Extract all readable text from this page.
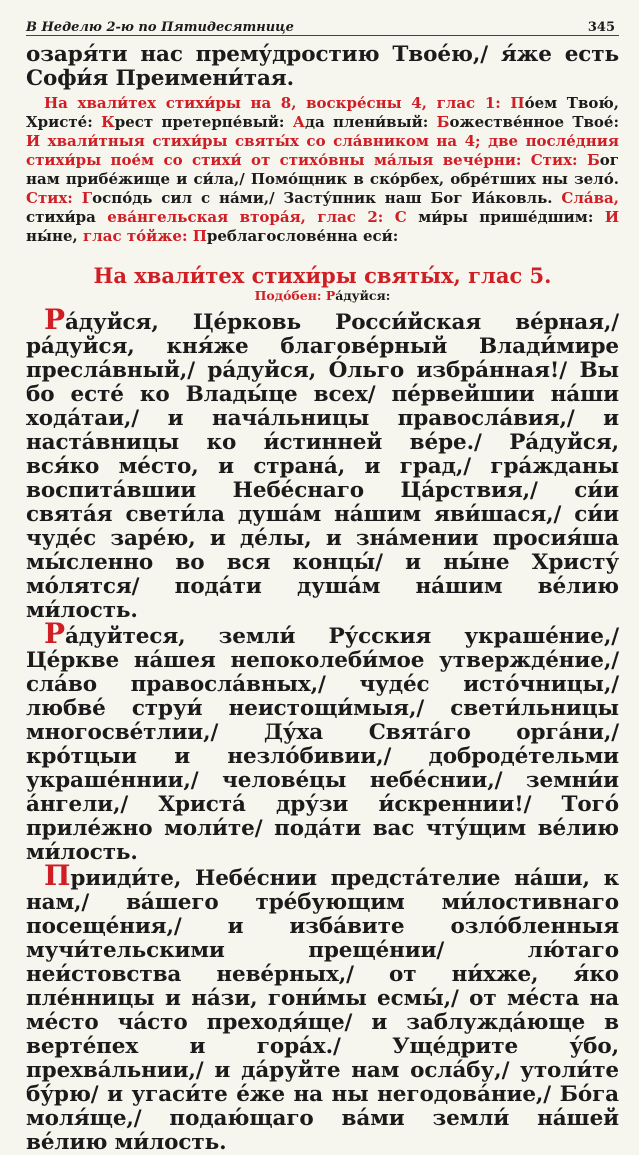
В Неделю 2-ю по Пятидесятнице	345

озаря́ти нас прему́дростию Твое́ю,/ я́же есть Софи́я Преимени́тая.

На хвали́тех стихи́ры на 8, воскре́сны 4, глас 1: По́ем Твою́, Христе́: Крест претерпе́вый: Ада плени́вый: Божестве́нное Твое́: И хвали́тныя стихи́ры святы́х со сла́вником на 4; две после́дния стихи́ры пое́м со стихи́ от стихо́вны ма́лыя вече́рни: Стих: Бог нам прибе́жище и си́ла,/ Помо́щник в ско́рбех, обре́тших ны зело́. Стих: Госпо́дь сил с на́ми,/ Засту́пник наш Бог Иа́ковль. Сла́ва, стихи́ра ева́нгельская втора́я, глас 2: С ми́ры прише́дшим: И ны́не, глас то́йже: Преблагослове́нна еси́:

На хвали́тех стихи́ры святы́х, глас 5.
Подо́бен: Ра́дуйся:

Ра́дуйся, Це́рковь Росси́йская ве́рная,/ ра́дуйся, кня́же благове́рный Влади́мире пресла́вный,/ ра́дуйся, О́льго избра́нная!/ Вы бо есте́ ко Влады́це всех/ пе́рвейшии на́ши хода́таи,/ и нача́льницы правосла́вия,/ и наста́вницы ко и́стинней ве́ре./ Ра́дуйся, вся́ко ме́сто, и страна́, и град,/ гра́жданы воспита́вшии Небе́снаго Ца́рствия,/ си́и свята́я свети́ла душа́м на́шим яви́шася,/ си́и чуде́с заре́ю, и де́лы, и зна́мении просия́ша мы́сленно во вся концы́/ и ны́не Христу́ мо́лятся/ пода́ти душа́м на́шим ве́лию ми́лость.

Ра́дуйтеся, земли́ Ру́сския украше́ние,/ Це́ркве на́шея непоколеби́мое утвержде́ние,/ сла́во правосла́вных,/ чуде́с исто́чницы,/ любве́ струи́ неистощи́мыя,/ свети́льницы многосве́тлии,/ Ду́ха Свята́го орга́ни,/ кро́тцыи и незло́бивии,/ доброде́тельми украше́ннии,/ челове́цы небе́снии,/ земни́и а́нгели,/ Христа́ дру́зи и́скреннии!/ Того́ приле́жно моли́те/ пода́ти вас чту́щим ве́лию ми́лость.

Прииди́те, Небе́снии предста́телие на́ши, к нам,/ ва́шего тре́бующим ми́лостивнаго посеще́ния,/ и изба́вите озло́бленныя мучи́тельскими преще́нии/ лю́таго неи́стовства неве́рных,/ от ни́хже, я́ко пле́нницы и на́зи, гони́мы есмы́,/ от ме́ста на ме́сто ча́сто преходя́ще/ и заблужда́юще в верте́пех и гора́х./ Уще́дрите у́бо, прехва́льнии,/ и да́руйте нам осла́бу,/ утоли́те бу́рю/ и угаси́те е́же на ны негодова́ние,/ Бо́га моля́ще,/ подаю́щаго ва́ми земли́ на́шей ве́лию ми́лость.
